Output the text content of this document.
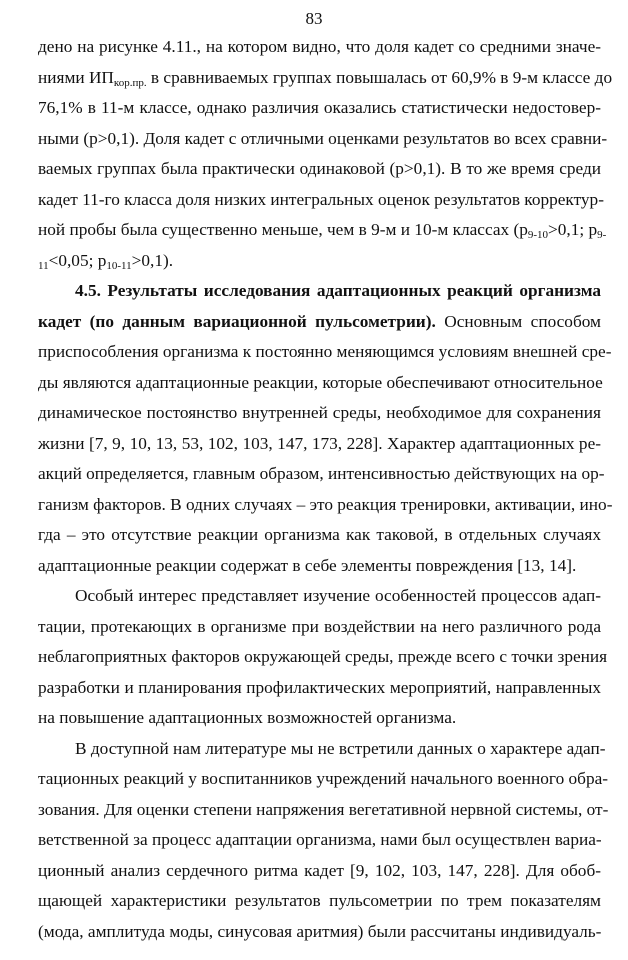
83
дено на рисунке 4.11., на котором видно, что доля кадет со средними значе-
ниями $ИП_{кор.пр.}$ в сравниваемых группах повышалась от 60,9% в 9-м классе до
76,1% в 11-м классе, однако различия оказались статистически недостовер-
ными (р>0,1). Доля кадет с отличными оценками результатов во всех сравни-
ваемых группах была практически одинаковой (р>0,1). В то же время среди
кадет 11-го класса доля низких интегральных оценок результатов корректур-
ной пробы была существенно меньше, чем в 9-м и 10-м классах ($р_{9-10}>0,1$; $р_{9-}$
$_{11}$<0,05; $р_{10-11}>0,1$).
4.5. Результаты исследования адаптационных реакций организма
кадет (по данным вариационной пульсометрии). Основным способом
приспособления организма к постоянно меняющимся условиям внешней сре-
ды являются адаптационные реакции, которые обеспечивают относительное
динамическое постоянство внутренней среды, необходимое для сохранения
жизни [7, 9, 10, 13, 53, 102, 103, 147, 173, 228]. Характер адаптационных ре-
акций определяется, главным образом, интенсивностью действующих на ор-
ганизм факторов. В одних случаях – это реакция тренировки, активации, ино-
гда – это отсутствие реакции организма как таковой, в отдельных случаях
адаптационные реакции содержат в себе элементы повреждения [13, 14].
Особый интерес представляет изучение особенностей процессов адап-
тации, протекающих в организме при воздействии на него различного рода
неблагоприятных факторов окружающей среды, прежде всего с точки зрения
разработки и планирования профилактических мероприятий, направленных
на повышение адаптационных возможностей организма.
В доступной нам литературе мы не встретили данных о характере адап-
тационных реакций у воспитанников учреждений начального военного обра-
зования. Для оценки степени напряжения вегетативной нервной системы, от-
ветственной за процесс адаптации организма, нами был осуществлен вариа-
ционный анализ сердечного ритма кадет [9, 102, 103, 147, 228]. Для обоб-
щающей характеристики результатов пульсометрии по трем показателям
(мода, амплитуда моды, синусовая аритмия) были рассчитаны индивидуаль-
